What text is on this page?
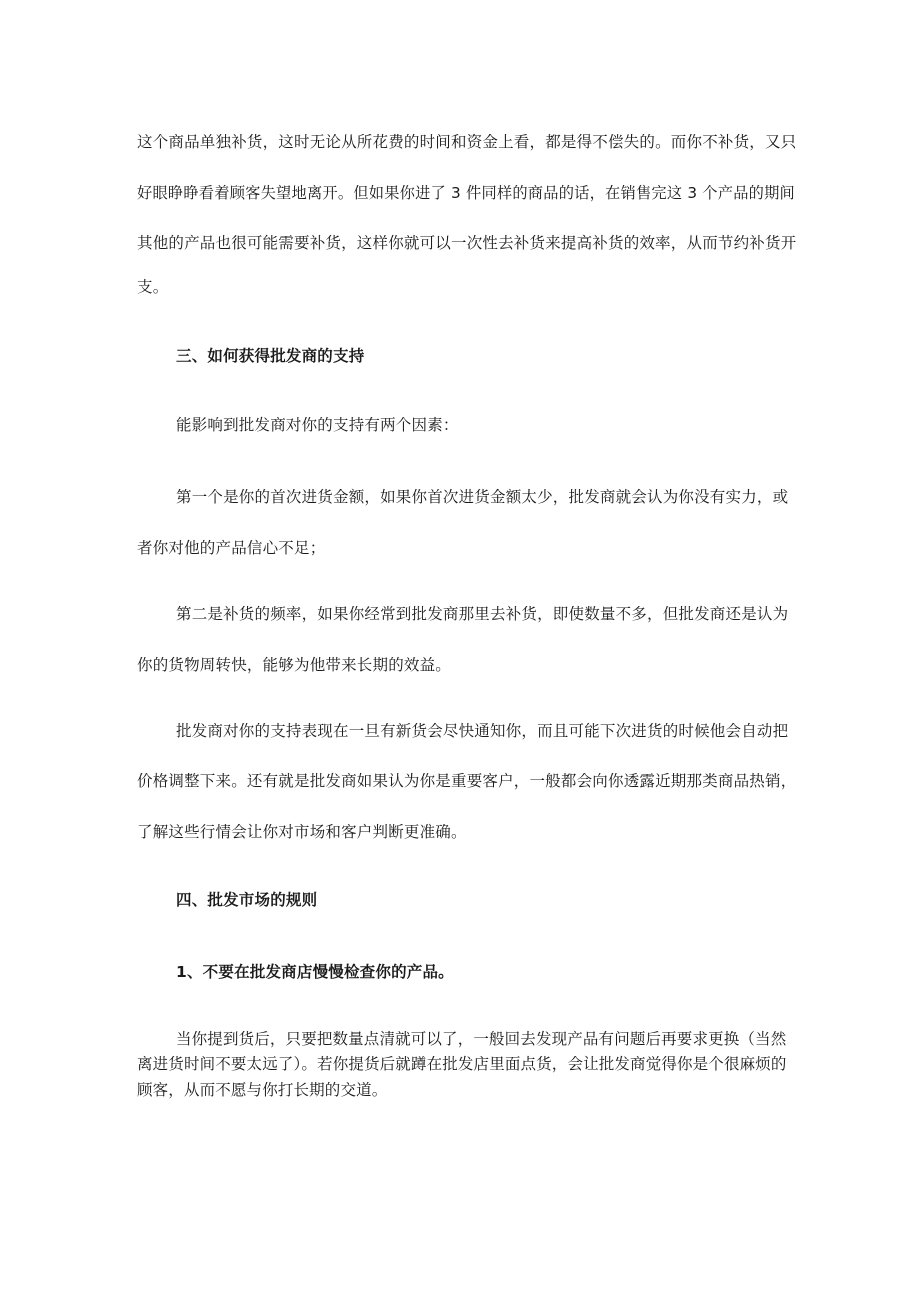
这个商品单独补货，这时无论从所花费的时间和资金上看，都是得不偿失的。而你不补货，又只
好眼睁睁看着顾客失望地离开。但如果你进了 3 件同样的商品的话，在销售完这 3 个产品的期间
其他的产品也很可能需要补货，这样你就可以一次性去补货来提高补货的效率，从而节约补货开
支。
三、如何获得批发商的支持
能影响到批发商对你的支持有两个因素：
第一个是你的首次进货金额，如果你首次进货金额太少，批发商就会认为你没有实力，或
者你对他的产品信心不足；
第二是补货的频率，如果你经常到批发商那里去补货，即使数量不多，但批发商还是认为
你的货物周转快，能够为他带来长期的效益。
批发商对你的支持表现在一旦有新货会尽快通知你，而且可能下次进货的时候他会自动把
价格调整下来。还有就是批发商如果认为你是重要客户，一般都会向你透露近期那类商品热销，
了解这些行情会让你对市场和客户判断更准确。
四、批发市场的规则
1、不要在批发商店慢慢检查你的产品。
当你提到货后，只要把数量点清就可以了，一般回去发现产品有问题后再要求更换（当然
离进货时间不要太远了）。若你提货后就蹲在批发店里面点货，会让批发商觉得你是个很麻烦的
顾客，从而不愿与你打长期的交道。
